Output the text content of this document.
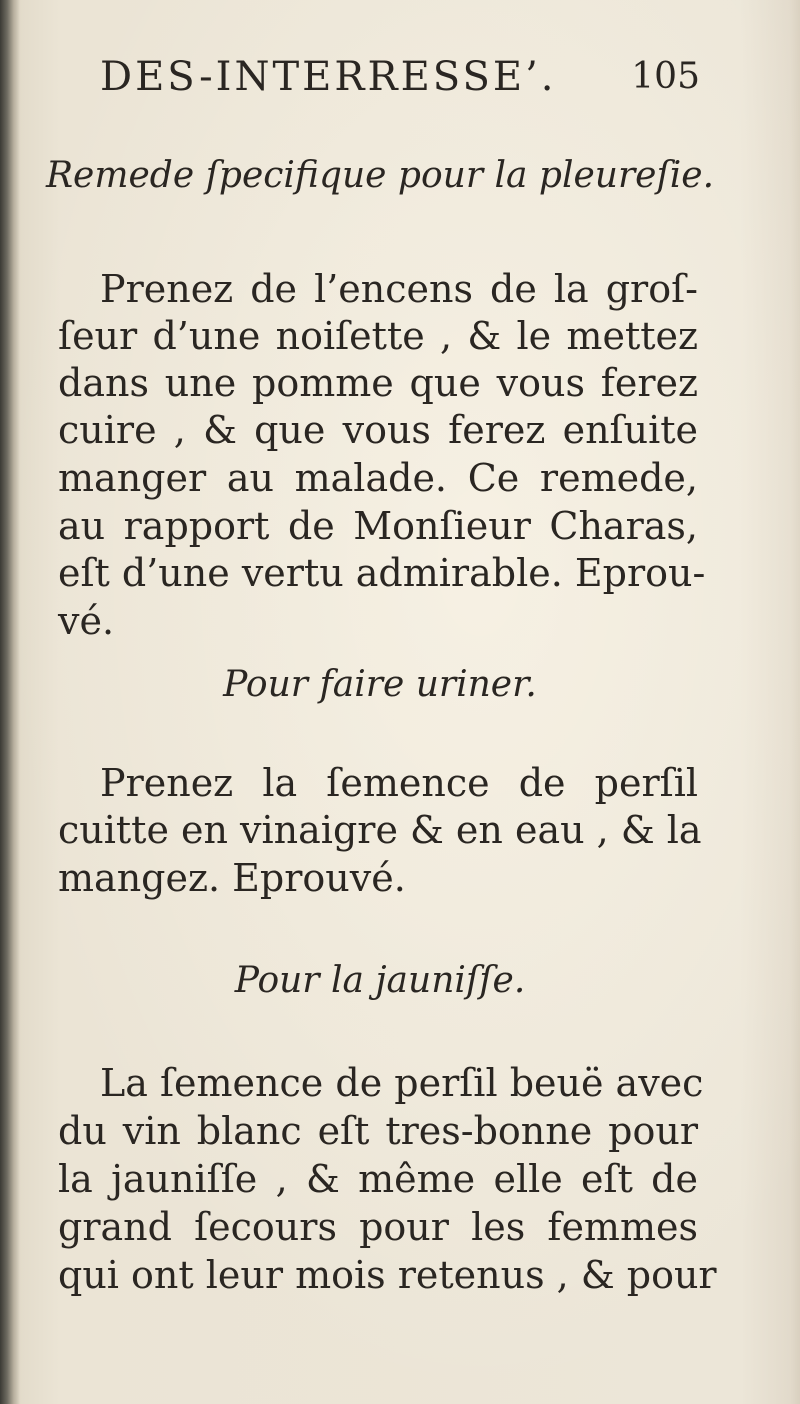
DES-INTERRESSE’. 105
Remede ſpecifique pour la pleureſie.
Prenez de l’encens de la groſ-
ſeur d’une noiſette , & le mettez
dans une pomme que vous ferez
cuire , & que vous ferez enſuite
manger au malade. Ce remede,
au rapport de Monſieur Charas,
eſt d’une vertu admirable. Eprou-
vé.
Pour faire uriner.
Prenez la ſemence de perſil
cuitte en vinaigre & en eau , & la
mangez. Eprouvé.
Pour la jauniſſe.
La ſemence de perſil beuë avec
du vin blanc eſt tres-bonne pour
la jauniſſe , & même elle eſt de
grand ſecours pour les femmes
qui ont leur mois retenus , & pour
